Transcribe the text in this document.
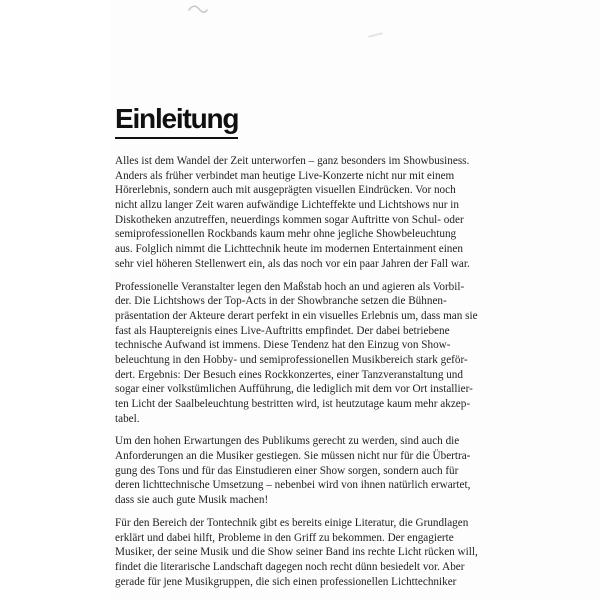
Einleitung
Alles ist dem Wandel der Zeit unterworfen – ganz besonders im Showbusiness.
Anders als früher verbindet man heutige Live-Konzerte nicht nur mit einem
Hörerlebnis, sondern auch mit ausgeprägten visuellen Eindrücken. Vor noch
nicht allzu langer Zeit waren aufwändige Lichteffekte und Lichtshows nur in
Diskotheken anzutreffen, neuerdings kommen sogar Auftritte von Schul- oder
semiprofessionellen Rockbands kaum mehr ohne jegliche Showbeleuchtung
aus. Folglich nimmt die Lichttechnik heute im modernen Entertainment einen
sehr viel höheren Stellenwert ein, als das noch vor ein paar Jahren der Fall war.
Professionelle Veranstalter legen den Maßstab hoch an und agieren als Vorbil-
der. Die Lichtshows der Top-Acts in der Showbranche setzen die Bühnen-
präsentation der Akteure derart perfekt in ein visuelles Erlebnis um, dass man sie
fast als Hauptereignis eines Live-Auftritts empfindet. Der dabei betriebene
technische Aufwand ist immens. Diese Tendenz hat den Einzug von Show-
beleuchtung in den Hobby- und semiprofessionellen Musikbereich stark geför-
dert. Ergebnis: Der Besuch eines Rockkonzertes, einer Tanzveranstaltung und
sogar einer volkstümlichen Aufführung, die lediglich mit dem vor Ort installier-
ten Licht der Saalbeleuchtung bestritten wird, ist heutzutage kaum mehr akzep-
tabel.
Um den hohen Erwartungen des Publikums gerecht zu werden, sind auch die
Anforderungen an die Musiker gestiegen. Sie müssen nicht nur für die Übertra-
gung des Tons und für das Einstudieren einer Show sorgen, sondern auch für
deren lichttechnische Umsetzung – nebenbei wird von ihnen natürlich erwartet,
dass sie auch gute Musik machen!
Für den Bereich der Tontechnik gibt es bereits einige Literatur, die Grundlagen
erklärt und dabei hilft, Probleme in den Griff zu bekommen. Der engagierte
Musiker, der seine Musik und die Show seiner Band ins rechte Licht rücken will,
findet die literarische Landschaft dagegen noch recht dünn besiedelt vor. Aber
gerade für jene Musikgruppen, die sich einen professionellen Lichttechniker
